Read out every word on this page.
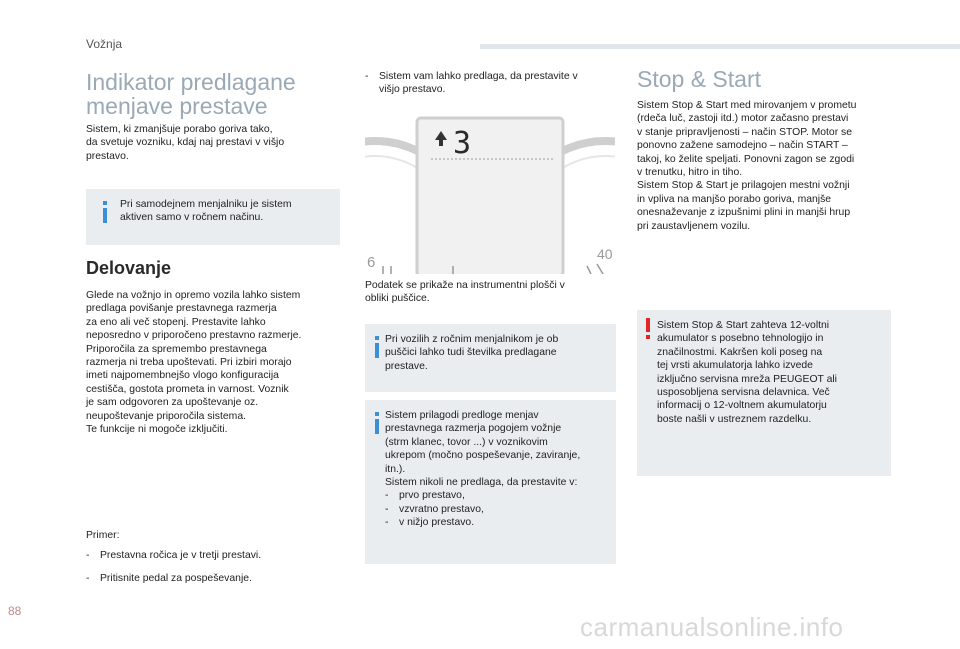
Vožnja
Indikator predlagane
menjave prestave

Sistem, ki zmanjšuje porabo goriva tako,
da svetuje vozniku, kdaj naj prestavi v višjo
prestavo.

Pri samodejnem menjalniku je sistem
aktiven samo v ročnem načinu.

Delovanje

Glede na vožnjo in opremo vozila lahko sistem
predlaga povišanje prestavnega razmerja
za eno ali več stopenj. Prestavite lahko
neposredno v priporočeno prestavno razmerje.
Priporočila za spremembo prestavnega
razmerja ni treba upoštevati. Pri izbiri morajo
imeti najpomembnejšo vlogo konfiguracija
cestišča, gostota prometa in varnost. Voznik
je sam odgovoren za upoštevanje oz.
neupoštevanje priporočila sistema.
Te funkcije ni mogoče izključiti.

Primer:
-	Prestavna ročica je v tretji prestavi.
-	Pritisnite pedal za pospeševanje.
-	Sistem vam lahko predlaga, da prestavite v
višjo prestavo.
3
6	40

Podatek se prikaže na instrumentni plošči v
obliki puščice.

Pri vozilih z ročnim menjalnikom je ob
puščici lahko tudi številka predlagane
prestave.

Sistem prilagodi predloge menjav
prestavnega razmerja pogojem vožnje
(strm klanec, tovor ...) v voznikovim
ukrepom (močno pospeševanje, zaviranje,
itn.).
Sistem nikoli ne predlaga, da prestavite v:

-	prvo prestavo,
-	vzvratno prestavo,
-	v nižjo prestavo.
Stop & Start

Sistem Stop & Start med mirovanjem v prometu
(rdeča luč, zastoji itd.) motor začasno prestavi
v stanje pripravljenosti – način STOP. Motor se
ponovno zažene samodejno – način START –
takoj, ko želite speljati. Ponovni zagon se zgodi
v trenutku, hitro in tiho.
Sistem Stop & Start je prilagojen mestni vožnji
in vpliva na manjšo porabo goriva, manjše
onesnaževanje z izpušnimi plini in manjši hrup
pri zaustavljenem vozilu.

Sistem Stop & Start zahteva 12-voltni
akumulator s posebno tehnologijo in
značilnostmi. Kakršen koli poseg na
tej vrsti akumulatorja lahko izvede
izključno servisna mreža PEUGEOT ali
usposobljena servisna delavnica. Več
informacij o 12-voltnem akumulatorju
boste našli v ustreznem razdelku.

88
carmanualsonline.info
